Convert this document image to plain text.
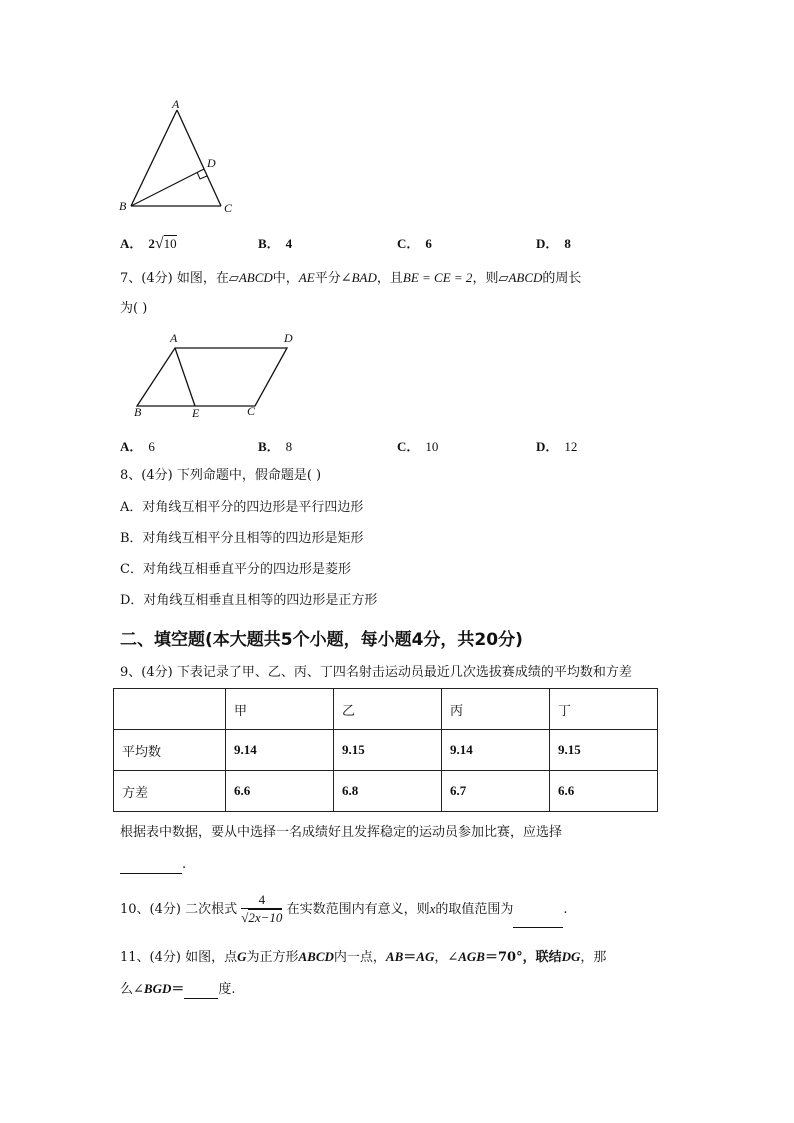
A
D
B	C
A． 2√10	B． 4	C． 6	D． 8
7、(4分) 如图，在▱ABCD中，AE平分∠BAD，且BE = CE = 2，则▱ABCD的周长
为( )
A	D
B	E	C
A． 6	B． 8	C． 10	D． 12
8、(4分) 下列命题中，假命题是( )
A．对角线互相平分的四边形是平行四边形
B．对角线互相平分且相等的四边形是矩形
C．对角线互相垂直平分的四边形是菱形
D．对角线互相垂直且相等的四边形是正方形
二、填空题(本大题共5个小题，每小题4分，共20分)
9、(4分) 下表记录了甲、乙、丙、丁四名射击运动员最近几次选拔赛成绩的平均数和方差
	甲	乙	丙	丁
平均数	9.14	9.15	9.14	9.15
方差	6.6	6.8	6.7	6.6
根据表中数据，要从中选择一名成绩好且发挥稳定的运动员参加比赛，应选择
.
10、(4分) 二次根式 $\frac{4}{√2x-10}$ 在实数范围内有意义，则x的取值范围为	.
11、(4分) 如图，点G为正方形ABCD内一点，AB＝AG，∠AGB＝70°，联结DG，那
么∠BGD＝	度.
